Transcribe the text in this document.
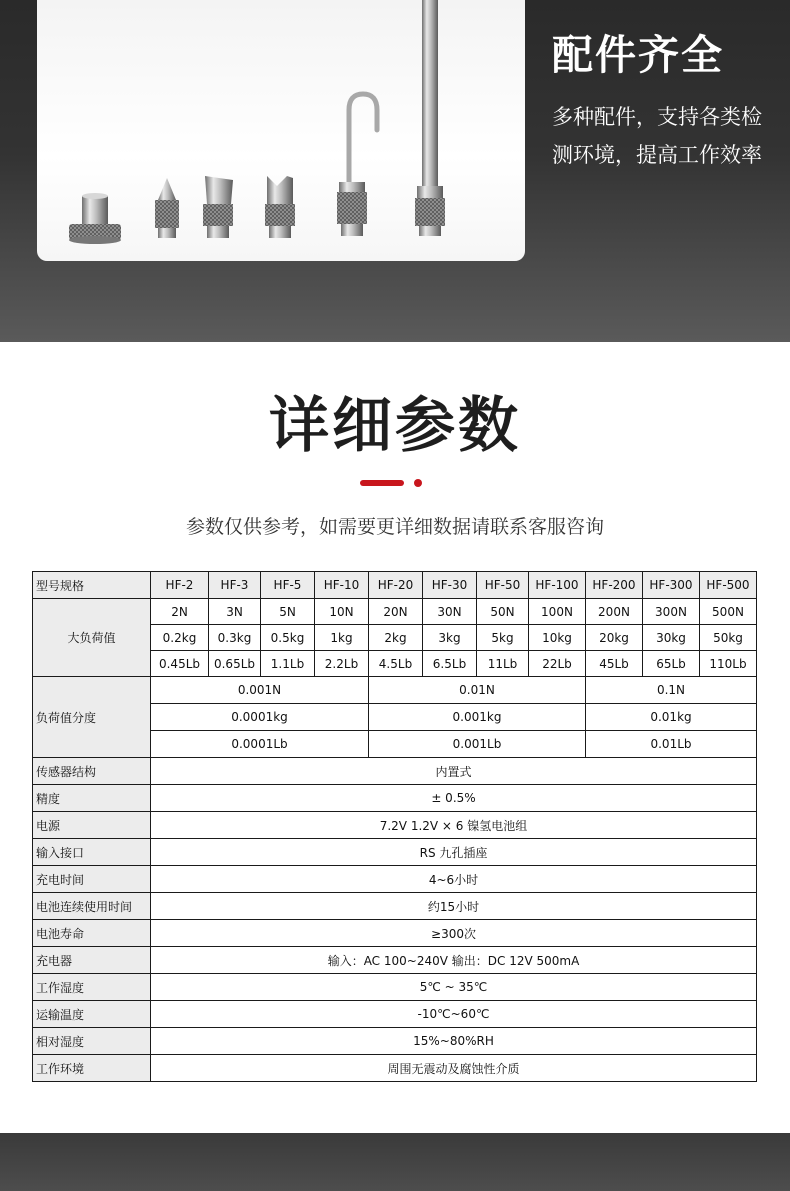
配件齐全
多种配件，支持各类检测环境，提高工作效率
详细参数
参数仅供参考，如需要更详细数据请联系客服咨询
型号规格	HF-2	HF-3	HF-5	HF-10	HF-20	HF-30	HF-50	HF-100	HF-200	HF-300	HF-500
大负荷值	2N	3N	5N	10N	20N	30N	50N	100N	200N	300N	500N
	0.2kg	0.3kg	0.5kg	1kg	2kg	3kg	5kg	10kg	20kg	30kg	50kg
	0.45Lb	0.65Lb	1.1Lb	2.2Lb	4.5Lb	6.5Lb	11Lb	22Lb	45Lb	65Lb	110Lb
负荷值分度	0.001N				0.01N				0.1N		
	0.0001kg				0.001kg				0.01kg		
	0.0001Lb				0.001Lb				0.01Lb		
传感器结构	内置式										
精度	± 0.5%										
电源	7.2V 1.2V × 6 镍氢电池组										
输入接口	RS 九孔插座										
充电时间	4~6小时										
电池连续使用时间	约15小时										
电池寿命	≥300次										
充电器	输入：AC 100~240V 输出：DC 12V 500mA										
工作湿度	5℃ ~ 35℃										
运输温度	-10℃~60℃										
相对湿度	15%~80%RH										
工作环境	周围无震动及腐蚀性介质										
